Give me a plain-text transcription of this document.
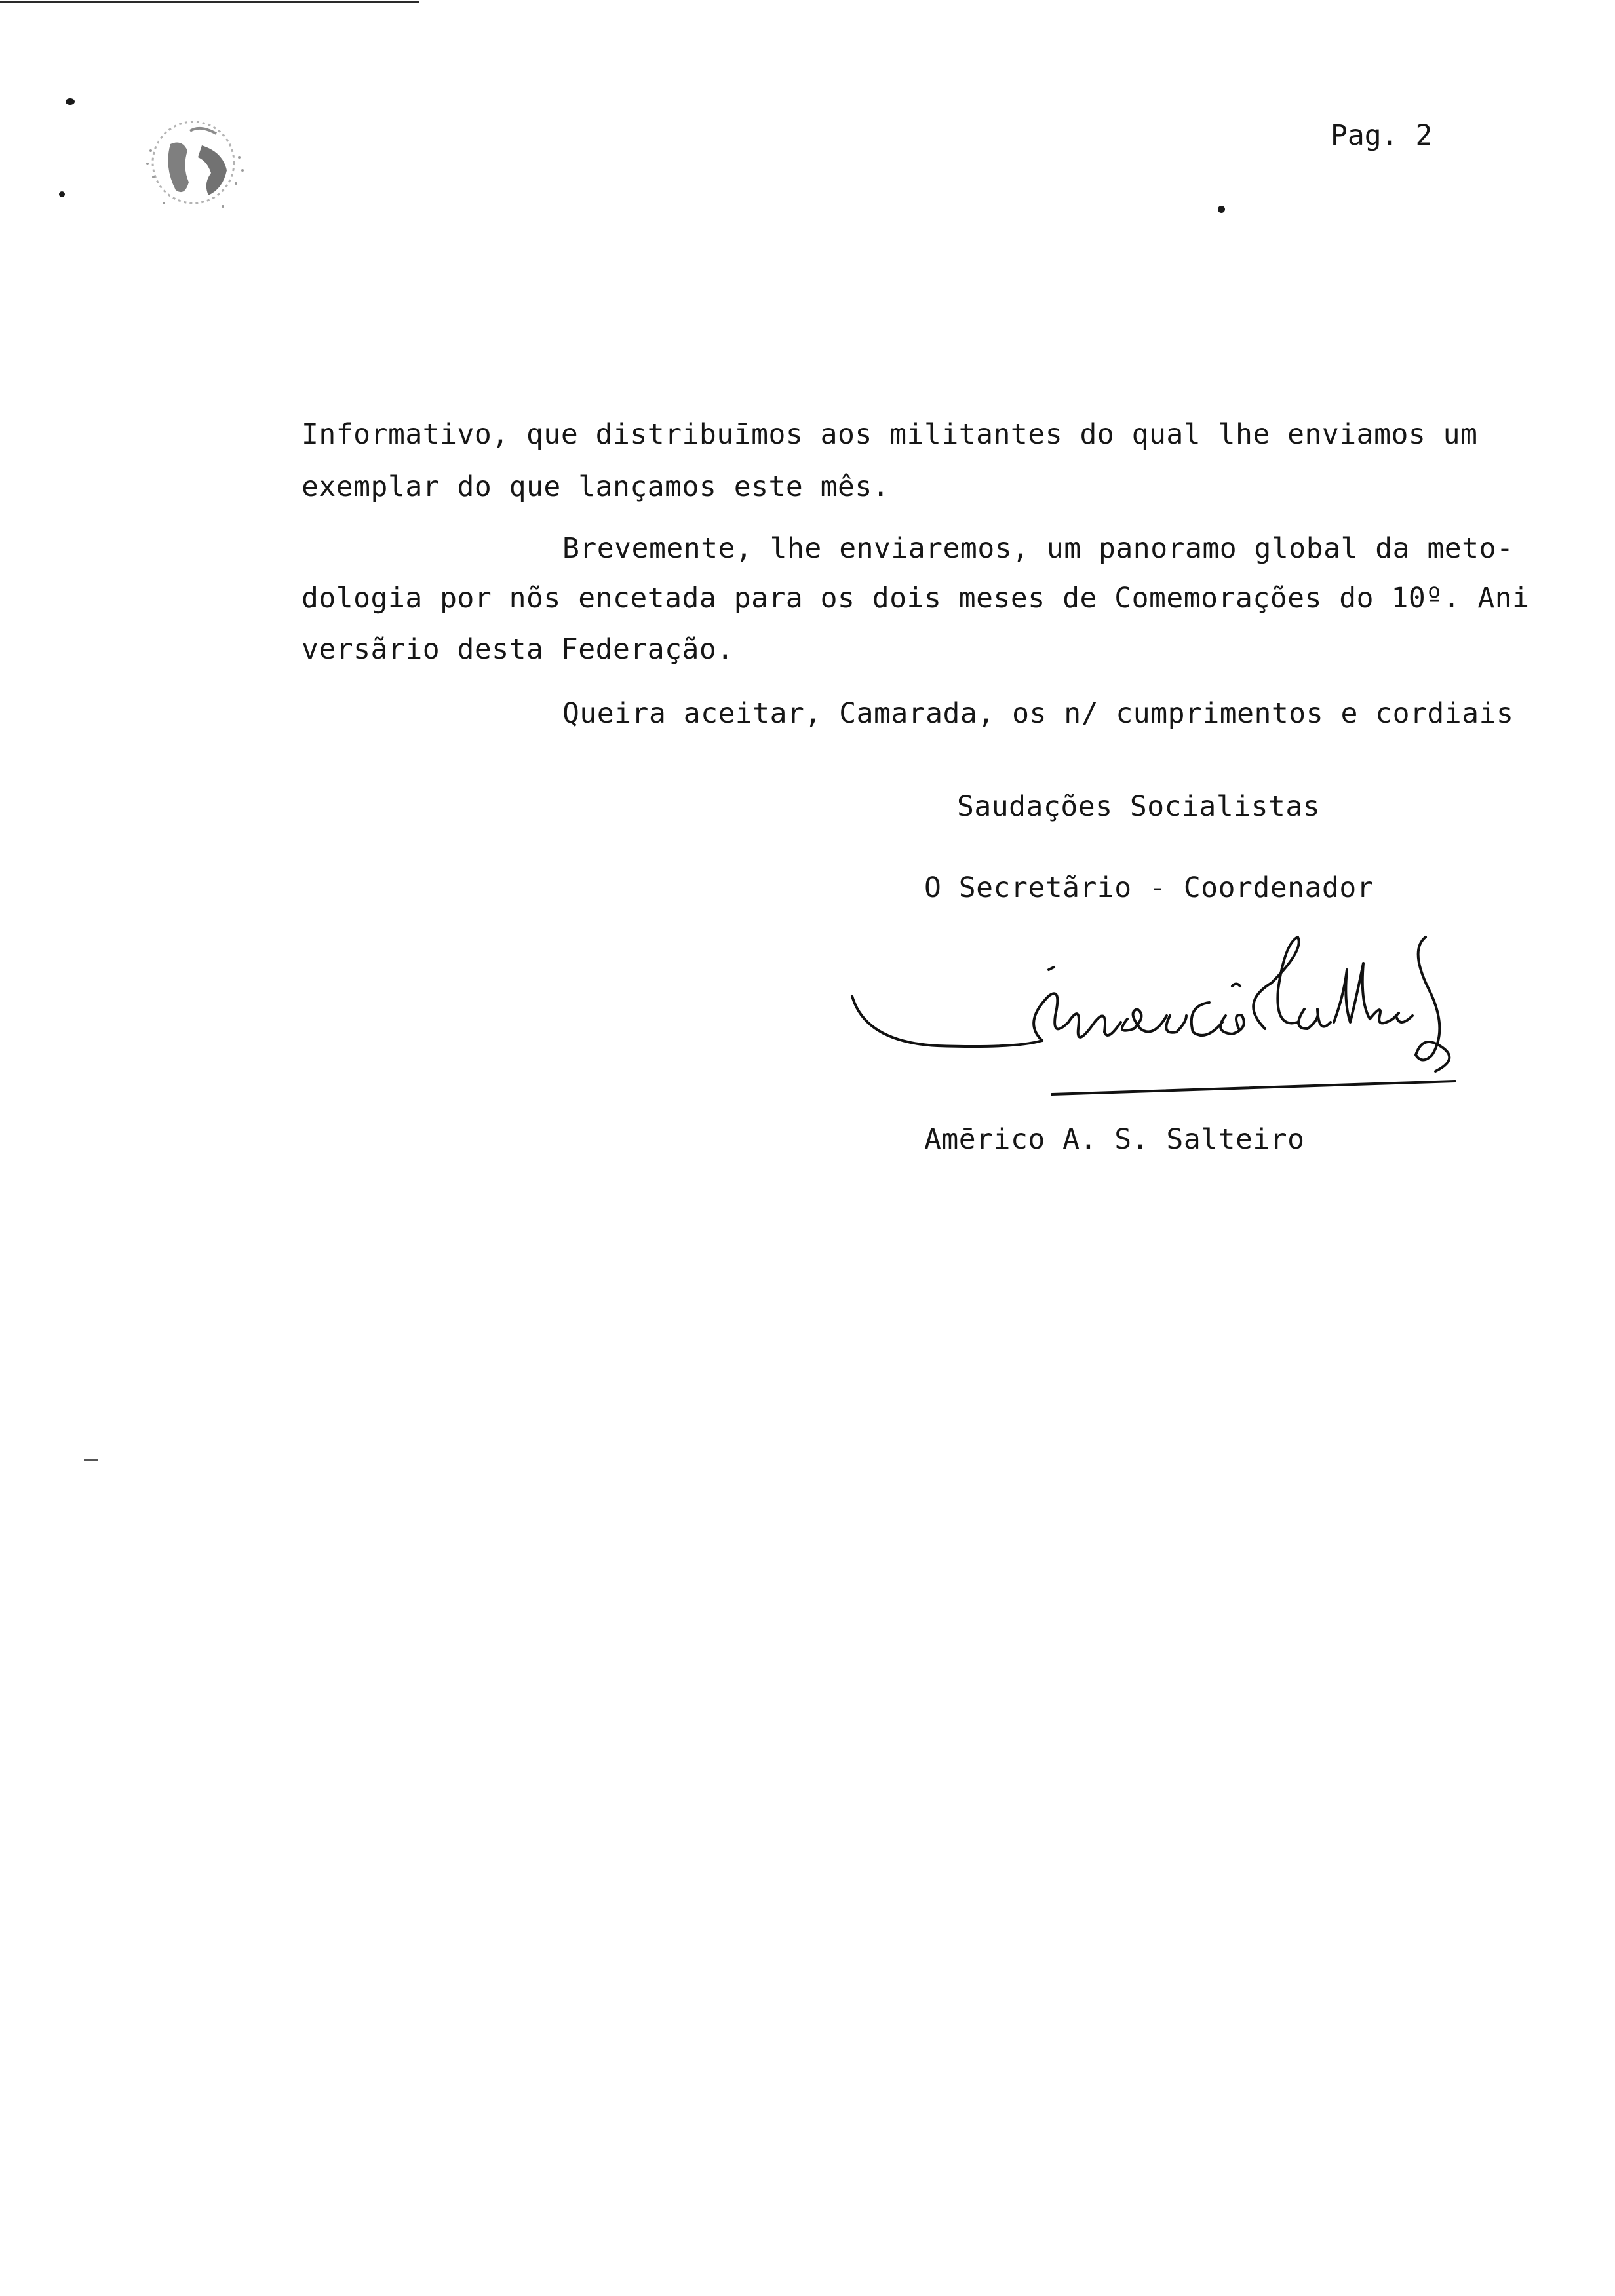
Pag. 2
Informativo, que distribuīmos aos militantes do qual lhe enviamos um
exemplar do que lançamos este mês.
Brevemente, lhe enviaremos, um panoramo global da meto-
dologia por nõs encetada para os dois meses de Comemorações do 10º. Ani
versãrio desta Federação.
Queira aceitar, Camarada, os n/ cumprimentos e cordiais
Saudações Socialistas
O Secretãrio - Coordenador
Amērico A. S. Salteiro
